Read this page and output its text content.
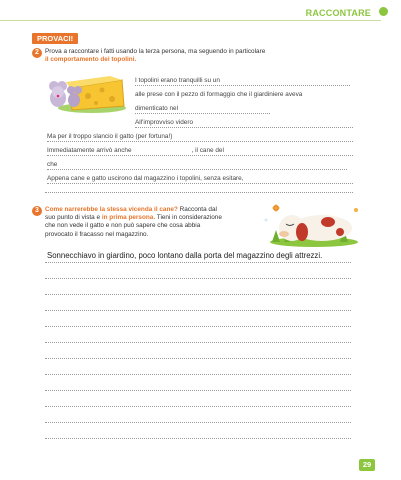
RACCONTARE
PROVACI!
2 Prova a raccontare i fatti usando la terza persona, ma seguendo in particolare
il comportamento dei topolini.
I topolini erano tranquilli su un
alle prese con il pezzo di formaggio che il giardiniere aveva
dimenticato nel
All'improvviso videro
Ma per il troppo slancio il gatto (per fortuna!)
Immediatamente arrivò anche	, il cane del
che
Appena cane e gatto uscirono dal magazzino i topolini, senza esitare,
3 Come narrerebbe la stessa vicenda il cane? Racconta dal
suo punto di vista e in prima persona. Tieni in considerazione
che non vede il gatto e non può sapere che cosa abbia
provocato il fracasso nel magazzino.
Sonnecchiavo in giardino, poco lontano dalla porta del magazzino degli attrezzi.
29
